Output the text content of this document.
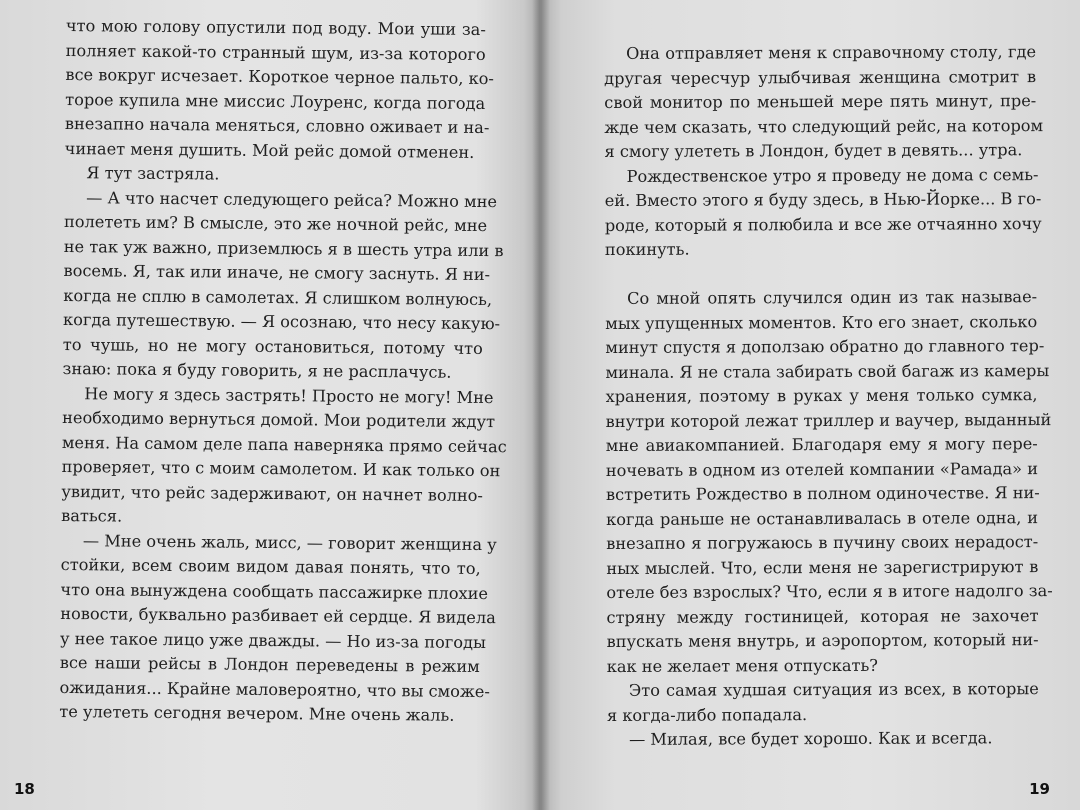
что мою голову опустили под воду. Мои уши за-
полняет какой-то странный шум, из-за которого
все вокруг исчезает. Короткое черное пальто, ко-
торое купила мне миссис Лоуренс, когда погода
внезапно начала меняться, словно оживает и на-
чинает меня душить. Мой рейс домой отменен.
Я тут застряла.
— А что насчет следующего рейса? Можно мне
полететь им? В смысле, это же ночной рейс, мне
не так уж важно, приземлюсь я в шесть утра или в
восемь. Я, так или иначе, не смогу заснуть. Я ни-
когда не сплю в самолетах. Я слишком волнуюсь,
когда путешествую. — Я осознаю, что несу какую-
то чушь, но не могу остановиться, потому что
знаю: пока я буду говорить, я не расплачусь.
Не могу я здесь застрять! Просто не могу! Мне
необходимо вернуться домой. Мои родители ждут
меня. На самом деле папа наверняка прямо сейчас
проверяет, что с моим самолетом. И как только он
увидит, что рейс задерживают, он начнет волно-
ваться.
— Мне очень жаль, мисс, — говорит женщина у
стойки, всем своим видом давая понять, что то,
что она вынуждена сообщать пассажирке плохие
новости, буквально разбивает ей сердце. Я видела
у нее такое лицо уже дважды. — Но из-за погоды
все наши рейсы в Лондон переведены в режим
ожидания... Крайне маловероятно, что вы сможе-
те улететь сегодня вечером. Мне очень жаль.
18
Она отправляет меня к справочному столу, где
другая чересчур улыбчивая женщина смотрит в
свой монитор по меньшей мере пять минут, пре-
жде чем сказать, что следующий рейс, на котором
я смогу улететь в Лондон, будет в девять... утра.
Рождественское утро я проведу не дома с семь-
ей. Вместо этого я буду здесь, в Нью-Йорке... В го-
роде, который я полюбила и все же отчаянно хочу
покинуть.
Со мной опять случился один из так называе-
мых упущенных моментов. Кто его знает, сколько
минут спустя я доползаю обратно до главного тер-
минала. Я не стала забирать свой багаж из камеры
хранения, поэтому в руках у меня только сумка,
внутри которой лежат триллер и ваучер, выданный
мне авиакомпанией. Благодаря ему я могу пере-
ночевать в одном из отелей компании «Рамада» и
встретить Рождество в полном одиночестве. Я ни-
когда раньше не останавливалась в отеле одна, и
внезапно я погружаюсь в пучину своих нерадост-
ных мыслей. Что, если меня не зарегистрируют в
отеле без взрослых? Что, если я в итоге надолго за-
стряну между гостиницей, которая не захочет
впускать меня внутрь, и аэропортом, который ни-
как не желает меня отпускать?
Это самая худшая ситуация из всех, в которые
я когда-либо попадала.
— Милая, все будет хорошо. Как и всегда.
19
